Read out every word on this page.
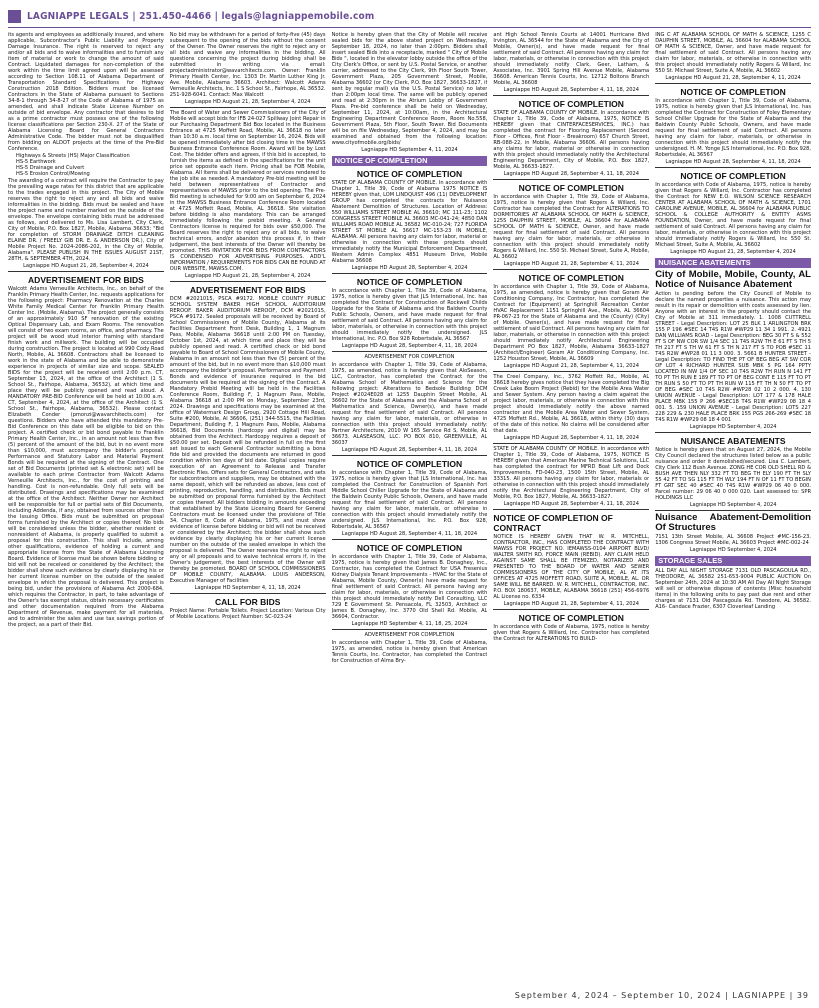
LAGNIAPPE LEGALS | 251.450-4466 | legals@lagniappemobile.com

its agents and employees as additionally insured, and where applicable, Subcontractor's Public Liability and Property Damage Insurance. The right is reserved to reject any and/or all bids and to waive informalities and to furnish any item of material or work to change the amount of said Contract. Liquidated damages for non-completion of the work within the time limit agreed upon will be assessed according to Section 108.11 of Alabama Department of Transportation Standard Specifications for Highway Construction 2018 Edition. Bidders must be licensed Contractors in the State of Alabama pursuant to Sections 34-8-1 through 34-8-27 of the Code of Alabama of 1975 as amended, and shall indicate State License Number on outside of bid envelope. Any contractor that desires to bid as a prime contractor must possess one of the following license classifications per Section 230-X. 27 of the State of Alabama Licensing Board for General Contractors Administrative Code. The bidder must not be disqualified from bidding on ALDOT projects at the time of the Pre-Bid Conference.

• Highways & Streets (HS) Major Classification
• HS-5 Earthwork
• HS-5 Drainage and Culvert
• HS-5 Erosion Control/Mowing

The awarding of a contract will require the Contractor to pay the prevailing wage rates for this district that are applicable to the trades engaged in this project. The City of Mobile reserves the right to reject any and all bids and waive informalities in the bidding. Bids must be sealed and have the project name and number marked on the outside of the envelope. The envelope containing bids must be addressed as follows, and delivered to Ms. Lisa Lambert, City Clerk, City of Mobile, P.O. Box 1827, Mobile, Alabama 36633; "Bid for completion of STORM DRAINAGE DITCH CLEANING ELAINE DR. / FREELY GIB DR. E. & ANDERSON DR.), City of Mobile Project No. 2024-2086-202, in the City of Mobile, Alabama". PLEASE PUBLISH IN THE ISSUES AUGUST 21ST, 28TH, & SEPTEMBER 4TH, 2024.

Lagniappe HD August 21, 28, September 4, 2024
ADVERTISEMENT FOR BIDS

Walcott Adams Verneuille Architects, Inc., on behalf of the Franklin Primary Health Center, Inc. requests applications for the following project: Pharmacy Renovation at the Charles White Family Medical Center for Franklin Primary Health Center Inc. (Mobile, Alabama). The project generally consists of an approximately 910 SF renovation of the existing Optical Dispensary Lab, and Exam Rooms. The renovation will consist of two exam rooms, an office, and pharmacy. The project will be wood stud interior framing with standard finish work and millwork. The building will be occupied during construction. The project is located at 990 Cody Road North, Mobile, AL 36608. Contractors shall be licensed to work in the state of Alabama and be able to demonstrate experience in projects of similar size and scope. SEALED BIDS for the project will be received until 2:00 p.m. CT, September 13, 2024, at the office of the Architect (1 S. School St., Fairhope, Alabama, 36532), at which time and place they will be publicly opened and read aloud. A MANDATORY PRE-BID Conference will be held at 10:00 a.m. CT, September 4, 2024, at the office of the Architect (1 S. School St., Fairhope, Alabama, 36532). Please contact Elizabeth Conder (pmonzi@wavarchitects.com) for questions. Bidders who have attended this mandatory Pre-Bid Conference on this date will be eligible to bid on this project. A certified check or bid bond payable to Franklin Primary Health Center, Inc., in an amount not less than five (5) percent of the amount of the bid, but in no event more than $10,000, must accompany the bidder's proposal. Performance and Statutory Labor and Material Payment Bonds will be required at the signing of the Contract. One set of Bid Documents (printed set & electronic set) will be available to each prime Contractor from Walcott Adams Verneuille Architects, Inc., for the cost of printing and handling. Cost is non-refundable. Only full sets will be distributed. Drawings and specifications may be examined at the office of the Architect. Neither Owner nor Architect will be responsible for full or partial sets of Bid Documents, including Addenda, if any, obtained from sources other than the Issuing Office. Bids must be submitted on proposal forms furnished by the Architect or copies thereof. No bids will be considered unless the bidder, whether resident or nonresident of Alabama, is properly qualified to submit a proposal for this construction. This shall include, among other qualifications, evidence of holding a current and appropriate license from the State of Alabama Licensing Board. Evidence of license must be shown before bidding or bid will not be received or considered by the Architect; the bidder shall show such evidence by clearly displaying his or her current license number on the outside of the sealed envelope in which the proposal is delivered. This project is being bid, under the provisions of Alabama Act 2000-684, which requires the Contractor, in part, to take advantage of the Owner's tax exempt status, obtain necessary certificates and other documentation required from the Alabama Department of Revenue, make payment for all materials, and to administer the sales and use tax savings portion of the project, as a part of their Bid.

No bid may be withdrawn for a period of forty-five (45) days subsequent to the opening of the bids without the consent of the Owner. The Owner reserves the right to reject any or all bids and waive any informalities in the bidding. All questions concerning the project during bidding shall be submitted in writing via email: projectadministrator@wavarchitects.com. Owner: Franklin Primary Health Center, Inc. 1303 Dr. Martin Luther King Jr. Ave. Mobile, Alabama 36603. Architect: Walcott Adams Verneuille Architects, Inc. 1 S School St., Fairhope, AL 36532. 251-928-6041. Contact: Max Walcott

Lagniappe HD August 21, 28, September 4, 2024

The Board of Water and Sewer Commissioners of the City of Mobile will accept bids for IFB 24-027 Spillway Joint Repair in our Purchasing Department Bid Box located in the Business Entrance at 4725 Moffett Road, Mobile, AL 36618 no later than 10:30 a.m. local time on September 16, 2024. Bids will be opened immediately after bid closing time in the MAWSS Business Entrance Conference Room. Award will be by Lost Cost. The bidder offers and agrees, if this bid is accepted, to furnish the items as defined in the specifications for the unit price set opposite each item. Pricing shall be FOB Mobile, Alabama. All items shall be delivered or services rendered to the job site as needed. A mandatory Pre-bid meeting will be held between representatives of Contractor and representatives of MAWSS prior to the bid opening. The Pre-Bid meeting is scheduled for 9:00 am on September 6, 2024 in the MAWSS Business Entrance Conference Room located at 4725 Moffett Road, Mobile, AL 36618. Site visitation before bidding is also mandatory. This can be arranged immediately following the prebid meeting. A General Contractors license is required for bids over $50,000. The Board reserves the right to reject any or all bids, to waive technical errors, and/or abandon this process if, in their judgement, the best interests of the Owner will thereby be promoted. THIS INVITATION FOR BIDS FROM CONTRACTORS IS CONDENSED FOR ADVERTISING PURPOSES. ADD'L INFORMATION / REQUIREMENTS FOR BIDS CAN BE FOUND AT OUR WEBSITE, MAWSS.COM.

Lagniappe HD August 21, 28, September 4, 2024
ADVERTISEMENT FOR BIDS

DCM #2021015, PSCA #9172. MOBILE COUNTY PUBLIC SCHOOL SYSTEM BAKER HIGH SCHOOL AUDITORIUM REROOF. BAKER AUDITORIUM REROOF, DCM #2021015, PSCA #9172. Sealed proposals will be received by Board of School Commissioners of Mobile County, Alabama at its Facilities Department Front Desk, Building 1, 1 Magnum Pass, Mobile, Alabama 36618 until 2:00 PM on Tuesday, October 1st, 2024, at which time and place they will be publicly opened and read. A certified check or bid bond payable to Board of School Commissioners of Mobile County, Alabama in an amount not less than five (5) percent of the amount of the bid, but in no event more than $10,000 must accompany the bidder's proposal. Performance and Payment Bonds and evidence of insurance required in the bid documents will be required at the signing of the Contract. A Mandatory Prebid Meeting will be held in the Facilities Conference Room, Building F, 1 Magnum Pass, Mobile, Alabama 36618 at 2:00 PM on Monday, September 23rd, 2024. Drawings and specifications may be examined at the office of Watermark Design Group, 2920 Cottage Hill Road, Suite #200, Mobile, Al 36606, (251) 344-5515, the Facilities Department, Building F, 1 Magnum Pass, Mobile, Alabama 36618, Bid Documents (hardcopy and digital) may be obtained from the Architect. Hardcopy requires a deposit of $50.00 per set. Deposit will be refunded in full on the first set issued to each General Contractor submitting a bona fide bid and provided the documents are returned in good condition within ten days of bid date. Digital copies require execution of an Agreement to Release and Transfer Electronic Files. Offers sets for General Contractors, and sets for subcontractors and suppliers, may be obtained with the same deposit, which will be refunded as above, less cost of printing, reproduction, handling, and distribution. Bids must be submitted on proposal forms furnished by the Architect or copies thereof. All bidders bidding in amounts exceeding that established by the State Licensing Board for General Contractors must be licensed under the provisions of Title 34, Chapter 8, Code of Alabama, 1975, and must show evidence of license before bidding or bid will not be received or considered by the Architect; the bidder shall show such evidence by clearly displaying his or her current license number on the outside of the sealed envelope in which the proposal is delivered. The Owner reserves the right to reject any or all proposals and to waive technical errors if, in the Owner's judgement, the best interests of the Owner will thereby be promoted. BOARD OF SCHOOL COMMISSIONERS OF MOBILE COUNTY, ALABAMA. LOUIS ANDERSON, Executive Manager of Facilities

Lagniappe HD September 4, 11, 18, 2024
CALL FOR BIDS

Project Name: Portable Toilets. Project Location: Various City of Mobile Locations. Project Number: SC-023-24

Notice is hereby given that the City of Mobile will receive sealed bids for the above stated project on Wednesday, September 18, 2024, no later than 2:00pm. Bidders shall insert sealed Bids into a receptacle, marked " City of Mobile Bids ", located in the elevator lobby outside the office of the City Clerk's Office, or sent by U.S. Postal Service, or another carrier, addressed to the City Clerk, 9th Floor South Tower, Government Plaza, 205 Government Street, Mobile, Alabama 36602 (or City Clerk, P.O. Box 1827, 36633-1827, if sent by regular mail) via the U.S. Postal Service) no later than 2:00pm local time. The same will be publicly opened and read at 2:30pm in the Atrium Lobby of Government Plaza. Pre-bid conference shall be held on Wednesday, September 11, 2024, at 10:00am, in the Architectural Engineering Department Conference Room, Room No.558, Government Plaza, 5th Floor, South Tower. Bid Documents will be on file Wednesday, September 4, 2024, and may be examined and obtained from the following location: www.cityofmobile.org/bids/

Lagniappe HD September 4, 11, 2024
NOTICE OF COMPLETION
NOTICE OF COMPLETION

STATE OF ALABAMA COUNTY OF MOBILE. In accordance with Chapter 1, Title 39, Code of Alabama 1975 NOTICE IS HEREBY given that, LOM LINDQUIST 496 (11) DEVELOPMENT GROUP has completed the contracts for Nuisance Abatement Demolition of Structures. Location of Address: 550 WILLIAMS STREET MOBILE AL 36610; MC 111-23; 1102 CONGRESS STREET MOBILE AL 36603 MC-041-24; 4850 DAN WILLIAMS ROAD MOBILE AL 36582 MC-010-24; 727 FLORIDA STREET ST MOBILE AL 36617 MC-153-23 IN MOBILE, ALABAMA. All persons having any claim for labor, material or otherwise in connection with these projects should immediately notify the Municipal Enforcement Department, Western Admin Complex 4851 Museum Drive, Mobile Alabama 36608

Lagniappe HD August 28, September 4, 2024
NOTICE OF COMPLETION

In accordance with Chapter 1, Title 39, Code of Alabama, 1975, notice is hereby given that JLS International, Inc. has completed the Contract for Construction of Rockwell Childs Upgrade for the State of Alabama and the Baldwin County Public Schools, Owners, and have made request for final settlement of said Contract. All persons having any claim for labor, materials, or otherwise in connection with this project should immediately notify the undersigned. JLS International, Inc. P.O. Box 928 Robertsdale, AL 36567

Lagniappe HD August 28, September 4, 11, 18, 2024
ADVERTISEMENT FOR COMPLETION

In accordance with Chapter 1, Title 39, Code of Alabama, 1975, as amended, notice is hereby given that AloSeason, LLC, Contractor, has completed the Contract for the Alabama School of Mathematics and Science for the following project: Alterations to Bedsole Building DCM Project #2024E028 at 1255 Dauphin Street Mobile, AL 36602 for the State of Alabama and the Alabama School of Mathematics and Science, Owner(s), and have made request for final settlement of said Contract. All persons having any claim for labor, materials, or otherwise in connection with this project should immediately notify: Partner Architecture, 2010 W 165 Service Rd S, Mobile, AL 36673. ALASEASON, LLC. PO BOX 810, GREENVILLE, AL 36037

Lagniappe HD August 28, September 4, 11, 18, 2024
NOTICE OF COMPLETION

In accordance with Chapter 1, Title 39, Code of Alabama, 1975, notice is hereby given that JLS International, Inc. has completed the Contract for Construction of Spanish Fort Middle School Chiller Upgrade for the State of Alabama and the Baldwin County Public Schools, Owners, and have made request for final settlement of said Contract. All persons having any claim for labor, materials, or otherwise in connection with this project should immediately notify the undersigned. JLS International, Inc. P.O. Box 928, Robertsdale, AL 36567

Lagniappe HD August 28, September 4, 11, 18, 2024
NOTICE OF COMPLETION

In accordance with Chapter 1, Title 39, Code of Alabama, 1975, notice is hereby given that James B. Donaghey, Inc., Contractor, has completed the Contract for USA Fresenius Kidney Dialysis Tenant Improvements - HVAC for the State of Alabama, Mobile County, Owner(s) have made request for final settlement of said Contract. All persons having any claim for labor, materials, or otherwise in connection with this project should immediately notify Dell Consulting, LLC 729 E Government St. Pensacola, FL 32503, Architect or James B. Donaghey, Inc. 3770 Old Shell Rd. Mobile, AL 36604, Contractor.

Lagniappe HD September 4, 11, 18, 25, 2024
ADVERTISEMENT FOR COMPLETION

In accordance with Chapter 1, Title 39, Code of Alabama, 1975, as amended, notice is hereby given that American Tennis Courts, Inc. Contractor, has completed the Contract for Construction of Alma Bry-

ant High School Tennis Courts at 14001 Hurricane Blvd Irvington, AL 36544 for the State of Alabama and the City of Mobile, Owner(s), and have made request for final settlement of said Contract. All persons having any claim for labor, materials, or otherwise in connection with this project should immediately notify Clark, Geer, Latham, & Associates, Inc. 3901 Spring Hill Avenue Mobile, Alabama 36608. American Tennis Courts, Inc. 12712 Boltons Branch Mobile, AL 36608

Lagniappe HD August 28, September 4, 11, 18, 2024
NOTICE OF COMPLETION

STATE OF ALABAMA COUNTY OF MOBILE. In accordance with Chapter 1, Title 39, Code of Alabama, 1975, NOTICE IS HEREBY given that CINTERFACESERVICES, INC.) has completed the contract for Flooring Replacement (Second Floor - Offices, First Floor - Breakroom) 657 Church Street, RB-088-22, in Mobile, Alabama 36606. All persons having any claims for labor, material or otherwise in connection with this project should immediately notify the Architectural Engineering Department, City of Mobile, P.O. Box 1827, Mobile, AL 36633-1827.

Lagniappe HD August 28, September 4, 11, 18, 2024
NOTICE OF COMPLETION

In accordance with Chapter 1, Title 39, Code of Alabama, 1975, notice is hereby given that Rogers & Willard, Inc. Contractor has completed the Contract for ALTERATIONS TO DORMITORIES AT ALABAMA SCHOOL OF MATH & SCIENCE, 1255 DAUPHIN STREET, MOBILE, AL 36604 for ALABAMA SCHOOL OF MATH & SCIENCE, Owner, and have made request for final settlement of said Contract. All persons having any claim for labor, materials, or otherwise in connection with this project should immediately notify Rogers & Willard, Inc. 550 St. Michael Street, Suite A, Mobile, AL 36602

Lagniappe HD August 21, 28, September 4, 11, 2024
NOTICE OF COMPLETION

In accordance with Chapter 1, Title 39, Code of Alabama, 1975, as amended, notice is hereby given that Goram Air Conditioning Company, Inc Contractor, has completed the Contract for (Equipment) at Springhill Recreation Center HVAC Replacement 1151 Springhill Ave., Mobile, AL 36604 PR-067-23 for the State of Alabama and the (County) (City) of Mobile. Owner(s), and have made request for final settlement of said Contract. All persons having any claim for labor, materials, or otherwise in connection with this project should immediately notify Architectural Engineering Department PO Box 1827, Mobile, Alabama 36633-1827 (Architect/Engineer) Goram Air Conditioning Company, Inc. 1252 Houston Street, Mobile, AL 36609

Lagniappe HD August 21, 28, September 4, 11, 2024

The Creel Company, Inc., 3762 Moffett Rd., Mobile, AL 36618 hereby gives notice that they have completed the Big Creek Lake Boom Project (Rebid) for the Mobile Area Water and Sewer System. Any person having a claim against the project labor, materials, or otherwise in connection with this project should immediately notify the above named contractor and the Mobile Area Water and Sewer System, 4725 Moffett Rd., Mobile, AL 36618, within thirty (30) days of the date of this notice. No claims will be considered after that date.

Lagniappe HD August 28, September 4, 11, 18, 2024

STATE OF ALABAMA COUNTY OF MOBILE. In accordance with Chapter 1, Title 39, Code of Alabama, 1975, NOTICE IS HEREBY given that American Marine Technical Solutions, LLC has completed the contract for MFRD Boat Lift and Dock Improvements, FD-040-23, 1500 15th Street, Mobile, AL 33315. All persons having any claim for labor, materials or otherwise in connection with this project should immediately notify the Architectural Engineering Department, City of Mobile, P.O. Box 1827, Mobile, AL 36633-1827.

Lagniappe HD August 28, September 4, 11, 18, 2024
NOTICE OF COMPLETION OF CONTRACT

NOTICE IS HEREBY GIVEN THAT W. R. MITCHELL, CONTRACTOR, INC., HAS COMPLETED THE CONTRACT WITH MAWSS FOR PROJECT NO. IEMAWSS-0104 AIRPORT BLVD/ WALTER SMITH RD. FORCE MAIN (REBID). ANY CLAIM HELD AGAINST SAME SHALL BE ITEMIZED, NOTARIZED AND PRESENTED TO THE BOARD OF WATER AND SEWER COMMISSIONERS OF THE CITY OF MOBILE, AL AT ITS OFFICES AT 4725 MOFFETT ROAD, SUITE A, MOBILE, AL. OR SAME WILL BE BARRED. W. R. MITCHELL, CONTRACTOR, INC. P.O. BOX 180637, MOBILE, ALABAMA 36618 (251) 456-6976 AL License no. 6334

Lagniappe HD August 21, 28, September 4, 11, 2024
NOTICE OF COMPLETION

In accordance with Code of Alabama, 1975, notice is hereby given that Rogers & Willard, Inc. Contractor has completed the Contract for ALTERATIONS TO BUILD-

ING C AT ALABAMA SCHOOL OF MATH & SCIENCE, 1255 C DAUPHIN STREET, MOBILE, AL 36604 for ALABAMA SCHOOL OF MATH & SCIENCE, Owner, and have made request for final settlement of said Contract. All persons having any claim for labor, materials, or otherwise in connection with this project should immediately notify Rogers & Willard, Inc 550 St. Michael Street, Suite A, Mobile, AL 36602

Lagniappe HD August 21, 28, September 4, 11, 2024
NOTICE OF COMPLETION

In accordance with Chapter 1, Title 39, Code of Alabama, 1975, notice is hereby given that JLS International, Inc. has completed the Contract for Construction of Foley Elementary School Chiller Upgrade for the State of Alabama and the Baldwin County Public Schools, Owners, and have made request for final settlement of said Contract. All persons having any claim for labor, materials, or otherwise in connection with this project should immediately notify the undersigned. H. M. Yonge JLS International, Inc. P.O. Box 928, Robertsdale, AL 36567

Lagniappe HD August 28, September 4, 11, 18, 2024
NOTICE OF COMPLETION

In accordance with Code of Alabama, 1975, notice is hereby given that Rogers & Willard, Inc. Contractor has completed the Contract for NEW E.O. WILSON SCIENCE RESEARCH CENTER AT ALABAMA SCHOOL OF MATH & SCIENCE, 1701 CAROLINE AVENUE, MOBILE, AL 36604 for ALABAMA PUBLIC SCHOOL & COLLEGE AUTHORITY & ENTITY ASMS FOUNDATION, Owner, and have made request for final settlement of said Contract. All persons having any claim for labor, materials, or otherwise in connection with this project should immediately notify Rogers & Willard, Inc 550 St. Michael Street, Suite A, Mobile, AL 36602

Lagniappe HD August 21, 28, September 4, 2024
NUISANCE ABATEMENTS
City of Mobile, Mobile, County, AL Notice of Nuisance Abatement

Action is pending before the City Council of Mobile to declare the named properties a nuisance. This action may result in its repair or demolition with costs assessed by lien. Anyone with an interest in the property should contact the City of Mobile at 311 immediately. 1. 1008 CUTTRELL STREET - Legal Description: LOT 25 BLK 1 ARLINGTON BRK 155 P 196 #SEC 14 T4S R1W #WP29 11 34 1 991. 2. 4921 DAN WILLIAMS ROAD - Legal Description: BEG 30 FT S & 552 FT S OF NW COR SW 1/4 SEC 11 T4S R2W TH E 61 FT S TH 5 TH 217 FT S TH W 61 FT S TH N 217 FT S TO POB #SEC 11 T4S R2W #WP28 01 11 3 000. 3. 5661 B HUNTER STREET - Legal Description: TO FIND THE PT OF BEG BEG AT SW COR OF LOT 4 RICHARD HUNTER SUB MBK 5 PG 164 PPTY LOCATED IN NW 1/4 OF SEC 10 T4S R2W TH RUN N 141 FT TO PT TH RUN E 189 FT TO PT OF BEG CONT E 115 FT TO PT TH RUN S 50 FT TO PT TH RUN W 115 FT TH N 50 FT TO PT OF BEG #SEC 10 T4S R2W #WP28 02 10 2 000. 4. 130 UNION AVENUE - Legal Description: LOT 177 & 178 HALE PLACE MBK 155 P 266 #SEC18 T4S R1W #WP29 08 18 4 001. 5. 159 UNION AVENUE - Legal Description: LOTS 227 228 229 & 230 HALE PLACE BRK 155 PGS 266-269 #SEC 18 T4S R1W #WP29 08 18 4 001

Lagniappe HD September 4, 2024
NUISANCE ABATEMENTS

Notice is hereby given that on August 27, 2024, the Mobile City Council declared the structures listed below as a public nuisance and order it demolished/secured. Lisa C. Lambert, City Clerk 112 Bush Avenue. ZONG HE COR OLD SHELL RD & BUSH AVE THEN NLY 332 FT TO BEG TH ELY 190 FT TH SLY 55 42 FT TO SG 115 FT TH WLY 194 FT N OF 11 FT TO BEGIN FT GRT SEC 40 #SEC 40 T4S R1W #WP29 06 40 0 000. Parcel number: 29 06 40 0 000 020. Last assessed to: SPR HOLDINGS LLC

Lagniappe HD September 4, 2024
Nuisance Abatement-Demolition Of Structures

7151 13th Street Mobile, AL 36608 Project #MC-156-23. 1306 Congress Street Mobile, AL 36603 Project #MC-002-24

Lagniappe HD September 4, 2024
STORAGE SALES

ALL DAY ALL NIGHT STORAGE 7131 OLD PASCAGOULA RD., THEODORE, AL 36582 251-653-9004 PUBLIC AUCTION On September 24th, 2024 at 10:30 AM All Day All Night Storage will sell or otherwise dispose of contents (Misc household items) in the following units to pay past due rent and other charges at 7131 Old Pascagoula Rd. Theodore, AL 36582. A16- Candace Frazier, 6307 Cloverleaf Landing

September 4, 2024 – September 10, 2024 | LAGNIAPPE | 39
